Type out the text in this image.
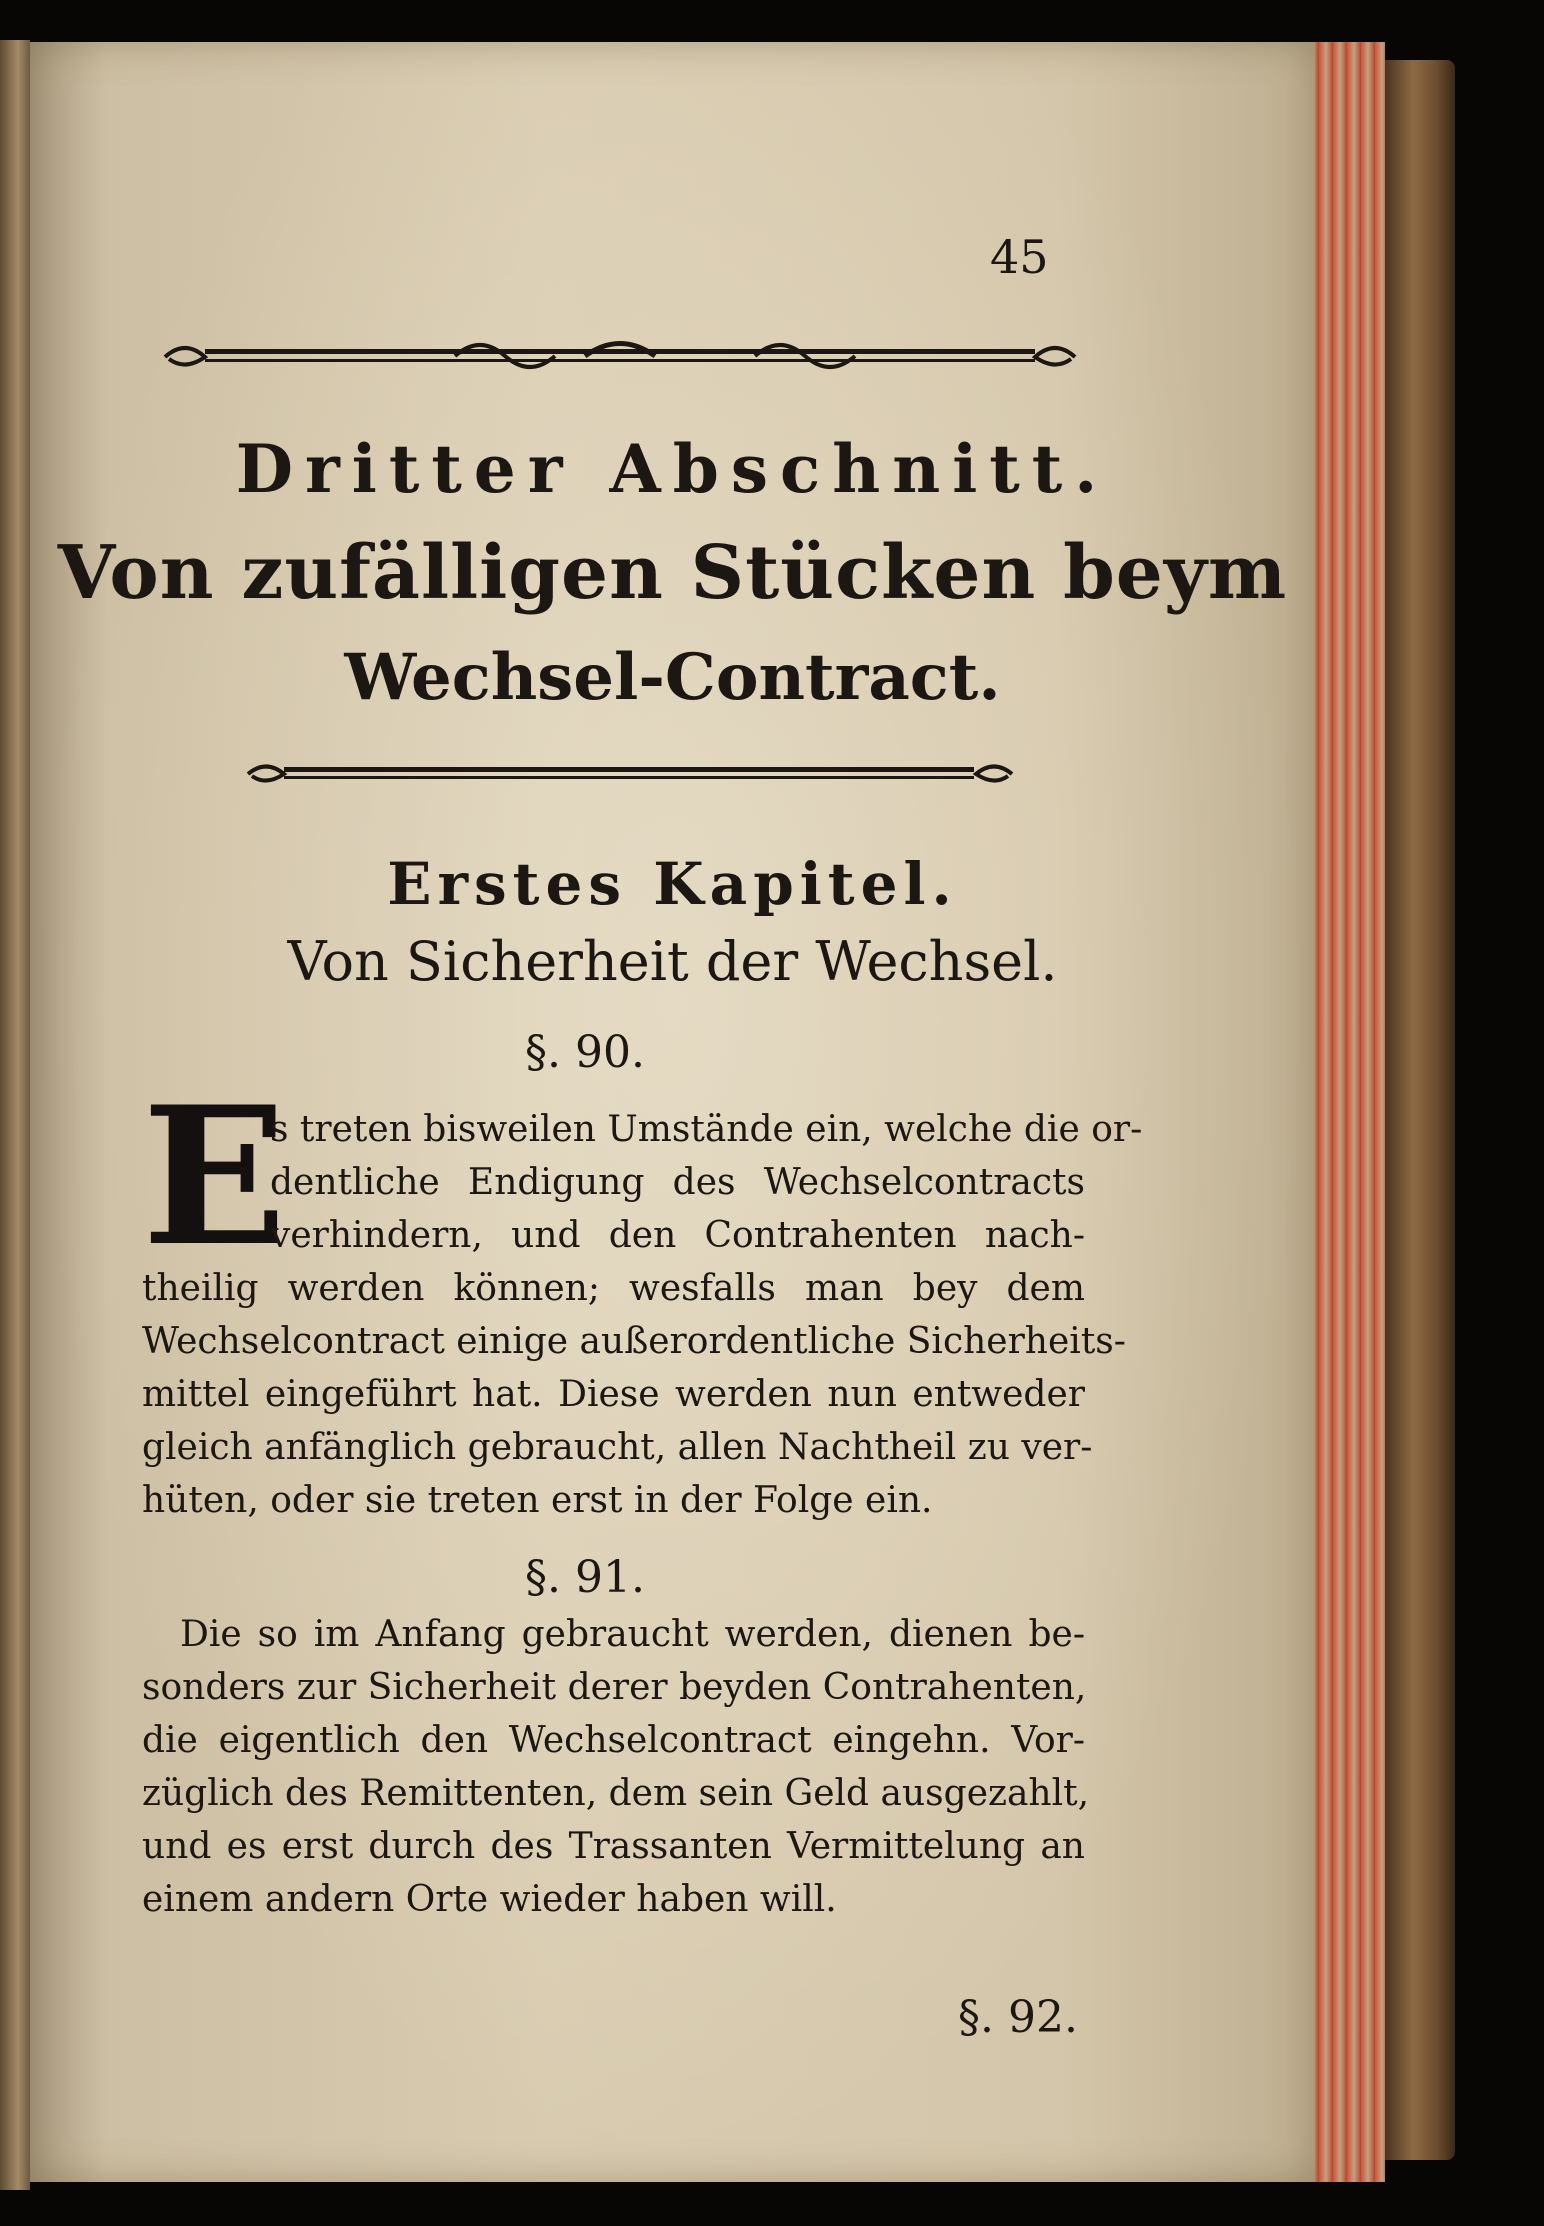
45
Dritter Abschnitt.
Von zufälligen Stücken beym
Wechsel-Contract.
Erstes Kapitel.
Von Sicherheit der Wechsel.
§. 90.
E
s treten bisweilen Umstände ein, welche die or-
dentliche Endigung des Wechselcontracts
verhindern, und den Contrahenten nach-
theilig werden können; wesfalls man bey dem
Wechselcontract einige außerordentliche Sicherheits-
mittel eingeführt hat. Diese werden nun entweder
gleich anfänglich gebraucht, allen Nachtheil zu ver-
hüten, oder sie treten erst in der Folge ein.
§. 91.
Die so im Anfang gebraucht werden, dienen be-
sonders zur Sicherheit derer beyden Contrahenten,
die eigentlich den Wechselcontract eingehn. Vor-
züglich des Remittenten, dem sein Geld ausgezahlt,
und es erst durch des Trassanten Vermittelung an
einem andern Orte wieder haben will.
§. 92.
